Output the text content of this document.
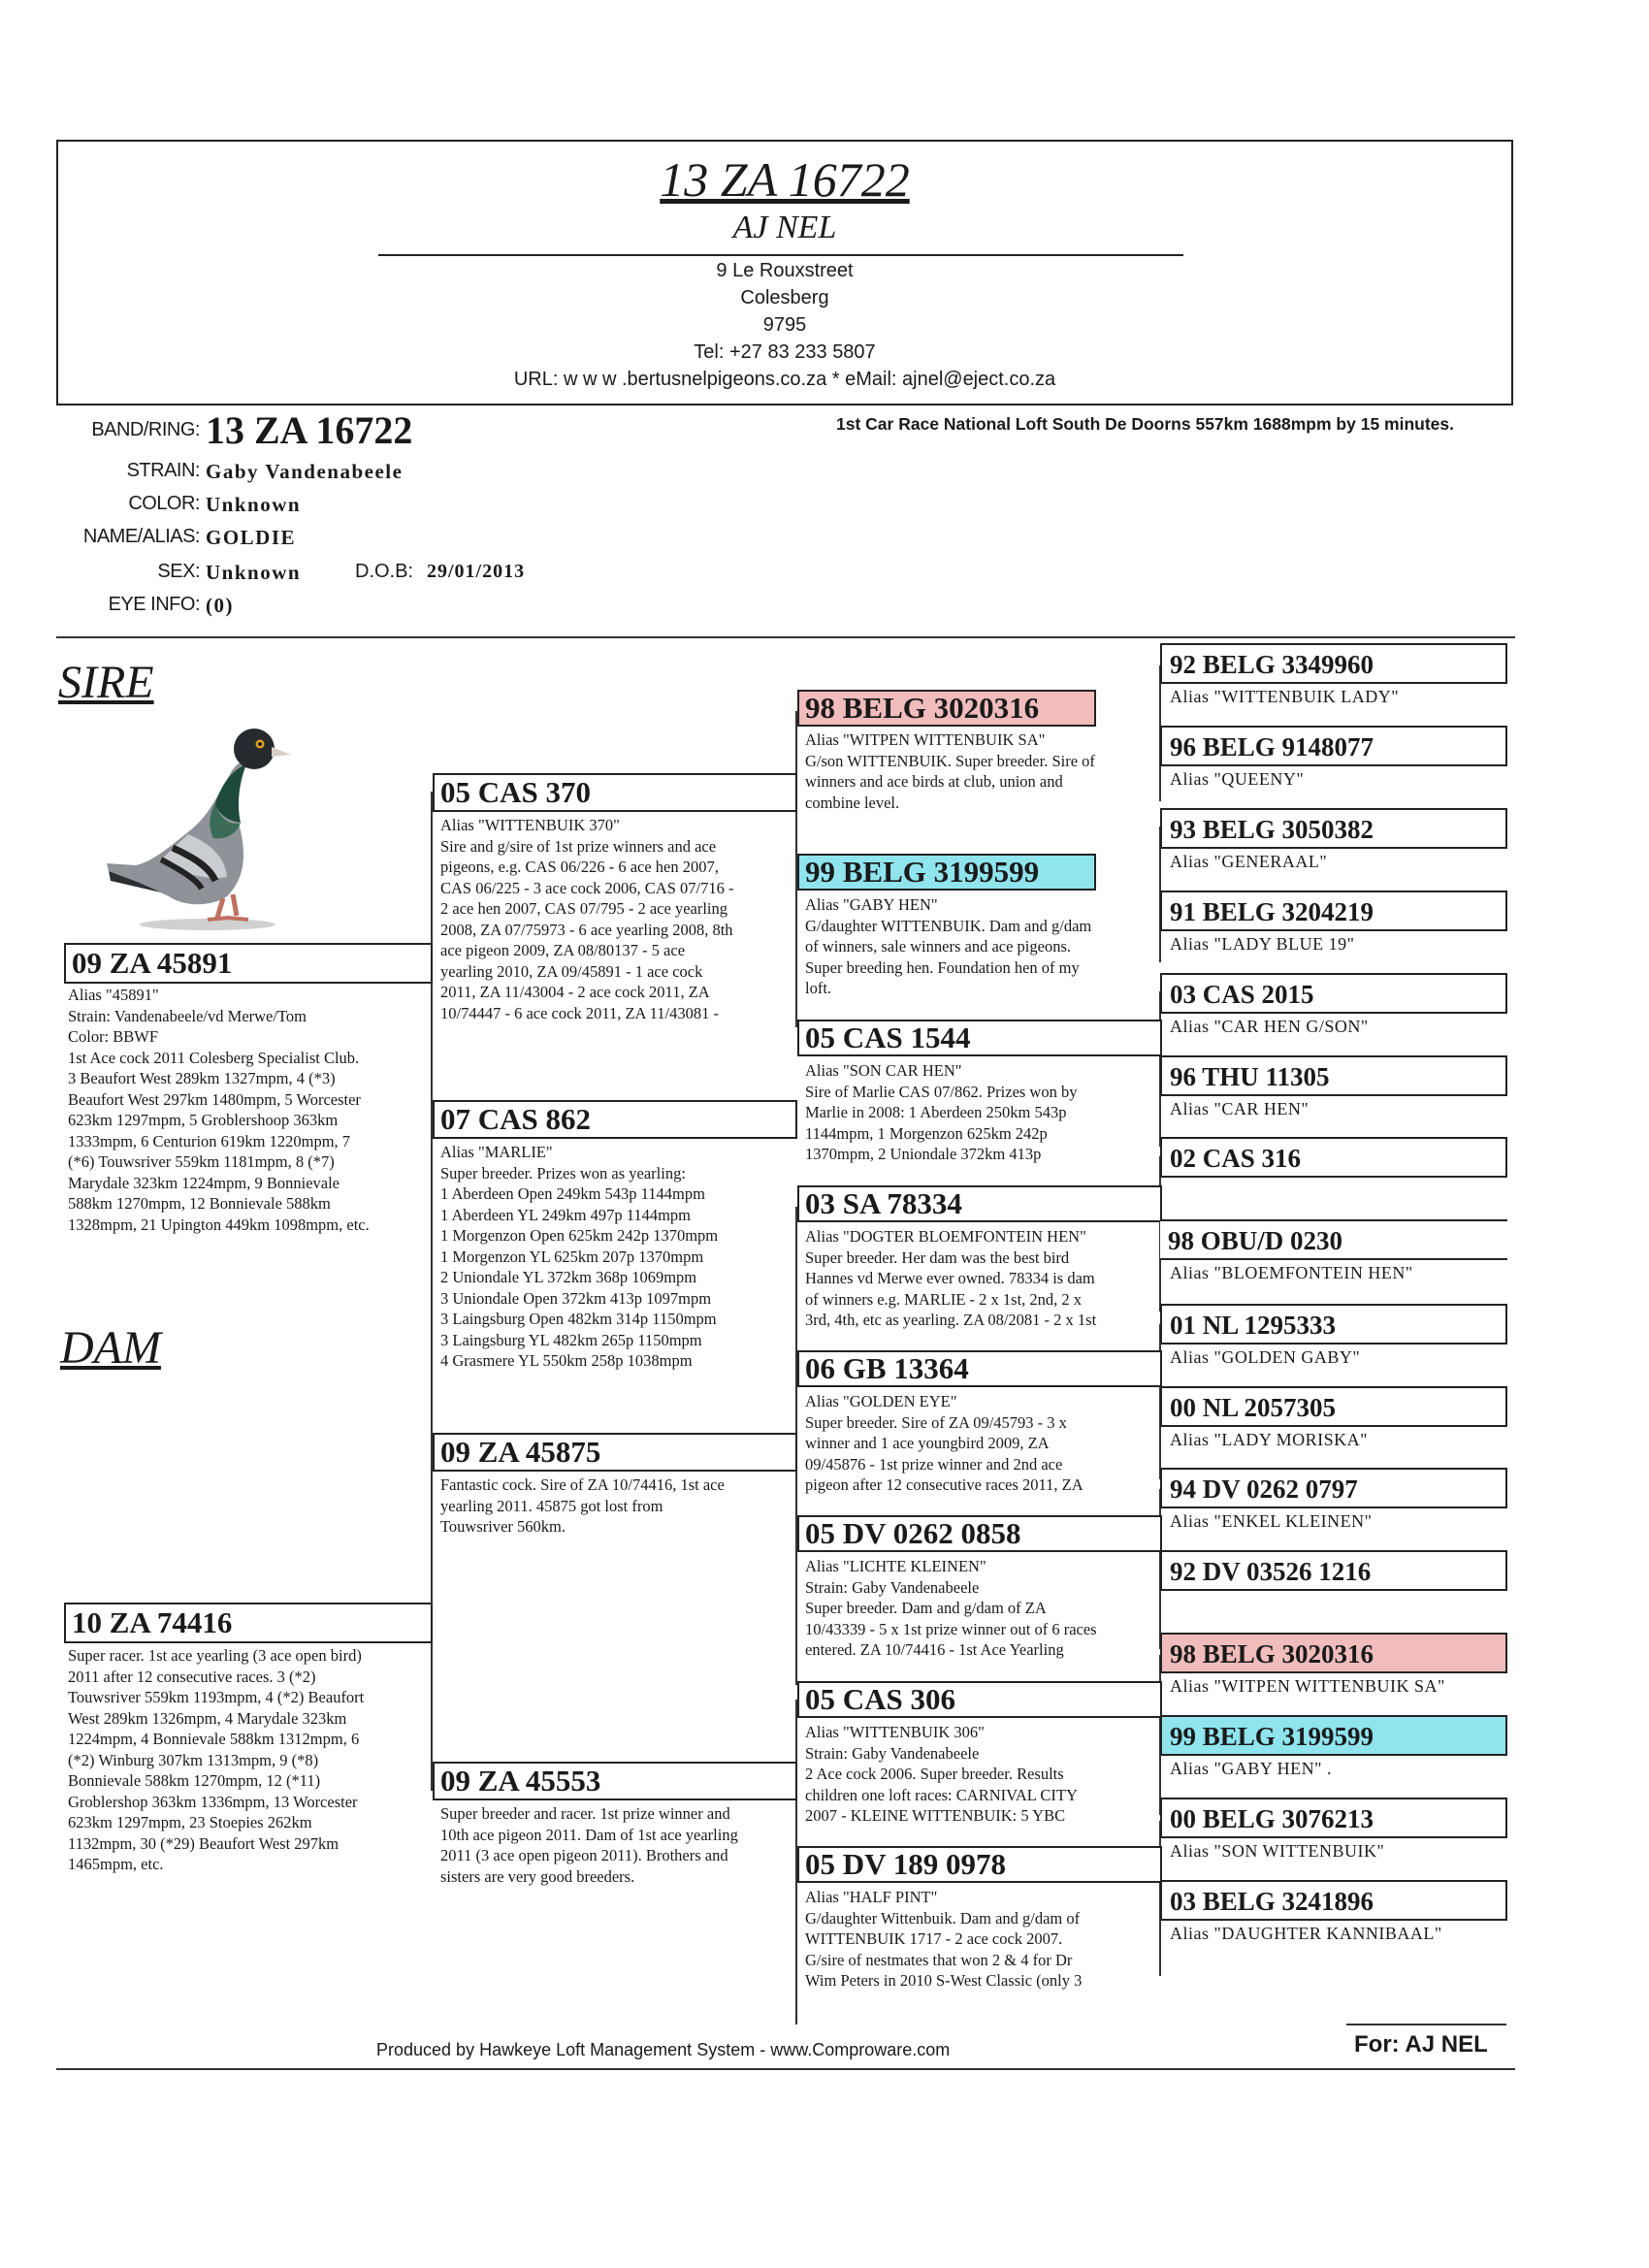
13 ZA 16722
AJ NEL
9 Le Rouxstreet
Colesberg
9795
Tel: +27 83 233 5807
URL: w w w .bertusnelpigeons.co.za * eMail: ajnel@eject.co.za
BAND/RING: 13 ZA 16722
STRAIN: Gaby Vandenabeele
COLOR: Unknown
NAME/ALIAS: GOLDIE
SEX: Unknown	D.O.B: 29/01/2013
EYE INFO: (0)
1st Car Race National Loft South De Doorns 557km 1688mpm by 15 minutes.
SIRE
DAM
09 ZA 45891
Alias "45891"
Strain: Vandenabeele/vd Merwe/Tom
Color: BBWF
1st Ace cock 2011 Colesberg Specialist Club.
3 Beaufort West 289km 1327mpm, 4 (*3)
Beaufort West 297km 1480mpm, 5 Worcester
623km 1297mpm, 5 Groblershoop 363km
1333mpm, 6 Centurion 619km 1220mpm, 7
(*6) Touwsriver 559km 1181mpm, 8 (*7)
Marydale 323km 1224mpm, 9 Bonnievale
588km 1270mpm, 12 Bonnievale 588km
1328mpm, 21 Upington 449km 1098mpm, etc.
10 ZA 74416
Super racer. 1st ace yearling (3 ace open bird)
2011 after 12 consecutive races. 3 (*2)
Touwsriver 559km 1193mpm, 4 (*2) Beaufort
West 289km 1326mpm, 4 Marydale 323km
1224mpm, 4 Bonnievale 588km 1312mpm, 6
(*2) Winburg 307km 1313mpm, 9 (*8)
Bonnievale 588km 1270mpm, 12 (*11)
Groblershop 363km 1336mpm, 13 Worcester
623km 1297mpm, 23 Stoepies 262km
1132mpm, 30 (*29) Beaufort West 297km
1465mpm, etc.
05 CAS 370
Alias "WITTENBUIK 370"
Sire and g/sire of 1st prize winners and ace
pigeons, e.g. CAS 06/226 - 6 ace hen 2007,
CAS 06/225 - 3 ace cock 2006, CAS 07/716 -
2 ace hen 2007, CAS 07/795 - 2 ace yearling
2008, ZA 07/75973 - 6 ace yearling 2008, 8th
ace pigeon 2009, ZA 08/80137 - 5 ace
yearling 2010, ZA 09/45891 - 1 ace cock
2011, ZA 11/43004 - 2 ace cock 2011, ZA
10/74447 - 6 ace cock 2011, ZA 11/43081 -
07 CAS 862
Alias "MARLIE"
Super breeder. Prizes won as yearling:
1 Aberdeen Open 249km 543p 1144mpm
1 Aberdeen YL 249km 497p 1144mpm
1 Morgenzon Open 625km 242p 1370mpm
1 Morgenzon YL 625km 207p 1370mpm
2 Uniondale YL 372km 368p 1069mpm
3 Uniondale Open 372km 413p 1097mpm
3 Laingsburg Open 482km 314p 1150mpm
3 Laingsburg YL 482km 265p 1150mpm
4 Grasmere YL 550km 258p 1038mpm
09 ZA 45875
Fantastic cock. Sire of ZA 10/74416, 1st ace
yearling 2011. 45875 got lost from
Touwsriver 560km.
09 ZA 45553
Super breeder and racer. 1st prize winner and
10th ace pigeon 2011. Dam of 1st ace yearling
2011 (3 ace open pigeon 2011). Brothers and
sisters are very good breeders.
98 BELG 3020316
Alias "WITPEN WITTENBUIK SA"
G/son WITTENBUIK. Super breeder. Sire of
winners and ace birds at club, union and
combine level.
99 BELG 3199599
Alias "GABY HEN"
G/daughter WITTENBUIK. Dam and g/dam
of winners, sale winners and ace pigeons.
Super breeding hen. Foundation hen of my
loft.
05 CAS 1544
Alias "SON CAR HEN"
Sire of Marlie CAS 07/862. Prizes won by
Marlie in 2008: 1 Aberdeen 250km 543p
1144mpm, 1 Morgenzon 625km 242p
1370mpm, 2 Uniondale 372km 413p
03 SA 78334
Alias "DOGTER BLOEMFONTEIN HEN"
Super breeder. Her dam was the best bird
Hannes vd Merwe ever owned. 78334 is dam
of winners e.g. MARLIE - 2 x 1st, 2nd, 2 x
3rd, 4th, etc as yearling. ZA 08/2081 - 2 x 1st
06 GB 13364
Alias "GOLDEN EYE"
Super breeder. Sire of ZA 09/45793 - 3 x
winner and 1 ace youngbird 2009, ZA
09/45876 - 1st prize winner and 2nd ace
pigeon after 12 consecutive races 2011, ZA
05 DV 0262 0858
Alias "LICHTE KLEINEN"
Strain: Gaby Vandenabeele
Super breeder. Dam and g/dam of ZA
10/43339 - 5 x 1st prize winner out of 6 races
entered. ZA 10/74416 - 1st Ace Yearling
05 CAS 306
Alias "WITTENBUIK 306"
Strain: Gaby Vandenabeele
2 Ace cock 2006. Super breeder. Results
children one loft races: CARNIVAL CITY
2007 - KLEINE WITTENBUIK: 5 YBC
05 DV 189 0978
Alias "HALF PINT"
G/daughter Wittenbuik. Dam and g/dam of
WITTENBUIK 1717 - 2 ace cock 2007.
G/sire of nestmates that won 2 & 4 for Dr
Wim Peters in 2010 S-West Classic (only 3
92 BELG 3349960
Alias "WITTENBUIK LADY"
96 BELG 9148077
Alias "QUEENY"
93 BELG 3050382
Alias "GENERAAL"
91 BELG 3204219
Alias "LADY BLUE 19"
03 CAS 2015
Alias "CAR HEN G/SON"
96 THU 11305
Alias "CAR HEN"
02 CAS 316
98 OBU/D 0230
Alias "BLOEMFONTEIN HEN"
01 NL 1295333
Alias "GOLDEN GABY"
00 NL 2057305
Alias "LADY MORISKA"
94 DV 0262 0797
Alias "ENKEL KLEINEN"
92 DV 03526 1216
98 BELG 3020316
Alias "WITPEN WITTENBUIK SA"
99 BELG 3199599
Alias "GABY HEN" .
00 BELG 3076213
Alias "SON WITTENBUIK"
03 BELG 3241896
Alias "DAUGHTER KANNIBAAL"
Produced by Hawkeye Loft Management System - www.Comproware.com	For: AJ NEL
